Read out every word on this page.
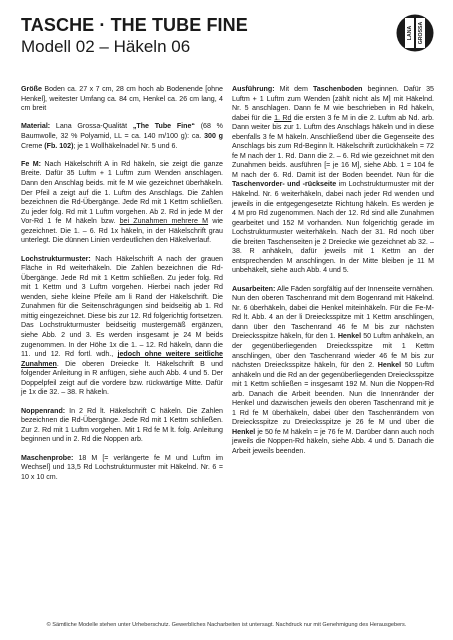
TASCHE · THE TUBE FINE
Modell 02 – Häkeln 06
LANA GROSSA

Größe Boden ca. 27 x 7 cm, 28 cm hoch ab Bodenende [ohne Henkel], weitester Umfang ca. 84 cm, Henkel ca. 26 cm lang, 4 cm breit

Material: Lana Grossa-Qualität „The Tube Fine“ (68 % Baumwolle, 32 % Polyamid, LL = ca. 140 m/100 g): ca. 300 g Creme (Fb. 102); je 1 Wollhäkelnadel Nr. 5 und 6.

Fe M: Nach Häkelschrift A in Rd häkeln, sie zeigt die ganze Breite. Dafür 35 Luftm + 1 Luftm zum Wenden anschlagen. Dann den Anschlag beids. mit fe M wie gezeichnet überhäkeln. Der Pfeil a zeigt auf die 1. Luftm des Anschlags. Die Zahlen bezeichnen die Rd-Übergänge. Jede Rd mit 1 Kettm schließen. Zu jeder folg. Rd mit 1 Luftm vorgehen. Ab 2. Rd in jede M der Vor-Rd 1 fe M häkeln bzw. bei Zunahmen mehrere M wie gezeichnet. Die 1. – 6. Rd 1x häkeln, in der Häkelschrift grau unterlegt. Die dünnen Linien verdeutlichen den Häkelverlauf.

Lochstrukturmuster: Nach Häkelschrift A nach der grauen Fläche in Rd weiterhäkeln. Die Zahlen bezeichnen die Rd-Übergänge. Jede Rd mit 1 Kettm schließen. Zu jeder folg. Rd mit 1 Kettm und 3 Luftm vorgehen. Hierbei nach jeder Rd wenden, siehe kleine Pfeile am li Rand der Häkelschrift. Die Zunahmen für die Seitenschrägungen sind beidseitig ab 1. Rd mittig eingezeichnet. Diese bis zur 12. Rd folgerichtig fortsetzen. Das Lochstrukturmuster beidseitig mustergemäß ergänzen, siehe Abb. 2 und 3. Es werden insgesamt je 24 M beids zugenommen. In der Höhe 1x die 1. – 12. Rd häkeln, dann die 11. und 12. Rd fortl. wdh., jedoch ohne weitere seitliche Zunahmen. Die oberen Dreiecke lt. Häkelschrift B und folgender Anleitung in R anfügen, siehe auch Abb. 4 und 5. Der Doppelpfeil zeigt auf die vordere bzw. rückwärtige Mitte. Dafür je 1x die 32. – 38. R häkeln.

Noppenrand: In 2 Rd lt. Häkelschrift C häkeln. Die Zahlen bezeichnen die Rd-Übergänge. Jede Rd mit 1 Kettm schließen. Zur 2. Rd mit 1 Luftm vorgehen. Mit 1 Rd fe M lt. folg. Anleitung beginnen und in 2. Rd die Noppen arb.

Maschenprobe: 18 M [= verlängerte fe M und Luftm im Wechsel] und 13,5 Rd Lochstrukturmuster mit Häkelnd. Nr. 6 = 10 x 10 cm.

Ausführung: Mit dem Taschenboden beginnen. Dafür 35 Luftm + 1 Luftm zum Wenden [zählt nicht als M] mit Häkelnd. Nr. 5 anschlagen. Dann fe M wie beschrieben in Rd häkeln, dabei für die 1. Rd die ersten 3 fe M in die 2. Luftm ab Nd. arb. Dann weiter bis zur 1. Luftm des Anschlags häkeln und in diese ebenfalls 3 fe M häkeln. Anschließend über die Gegenseite des Anschlags bis zum Rd-Beginn lt. Häkelschrift zurückhäkeln = 72 fe M nach der 1. Rd. Dann die 2. – 6. Rd wie gezeichnet mit den Zunahmen beids. ausführen [= je 16 M], siehe Abb. 1 = 104 fe M nach der 6. Rd. Damit ist der Boden beendet. Nun für die Taschenvorder- und -rückseite im Lochstrukturmuster mit der Häkelnd. Nr. 6 weiterhäkeln, dabei nach jeder Rd wenden und jeweils in die entgegengesetzte Richtung häkeln. Es werden je 4 M pro Rd zugenommen. Nach der 12. Rd sind alle Zunahmen gearbeitet und 152 M vorhanden. Nun folgerichtig gerade im Lochstrukturmuster weiterhäkeln. Nach der 31. Rd noch über die breiten Taschenseiten je 2 Dreiecke wie gezeichnet ab 32. – 38. R anhäkeln, dafür jeweils mit 1 Kettm an der entsprechenden M anschlingen. In der Mitte bleiben je 11 M unbehäkelt, siehe auch Abb. 4 und 5.

Ausarbeiten: Alle Fäden sorgfältig auf der Innenseite vernähen. Nun den oberen Taschenrand mit dem Bogenrand mit Häkelnd. Nr. 6 überhäkeln, dabei die Henkel miteinhäkeln. Für die Fe-M-Rd lt. Abb. 4 an der li Dreiecksspitze mit 1 Kettm anschlingen, dann über den Taschenrand 46 fe M bis zur nächsten Dreiecksspitze häkeln, für den 1. Henkel 50 Luftm anhäkeln, an der gegenüberliegenden Dreiecksspitze mit 1 Kettm anschlingen, über den Taschenrand wieder 46 fe M bis zur nächsten Dreiecksspitze häkeln, für den 2. Henkel 50 Luftm anhäkeln und die Rd an der gegenüberliegenden Dreiecksspitze mit 1 Kettm schließen = insgesamt 192 M. Nun die Noppen-Rd arb. Danach die Arbeit beenden. Nun die Innenränder der Henkel und dazwischen jeweils den oberen Taschenrand mit je 1 Rd fe M überhäkeln, dabei über den Taschenrändern von Dreiecksspitze zu Dreiecksspitze je 26 fe M und über die Henkel je 50 fe M häkeln = je 76 fe M. Darüber dann auch noch jeweils die Noppen-Rd häkeln, siehe Abb. 4 und 5. Danach die Arbeit jeweils beenden.

© Sämtliche Modelle stehen unter Urheberschutz. Gewerbliches Nacharbeiten ist untersagt. Nachdruck nur mit Genehmigung des Herausgebers.
